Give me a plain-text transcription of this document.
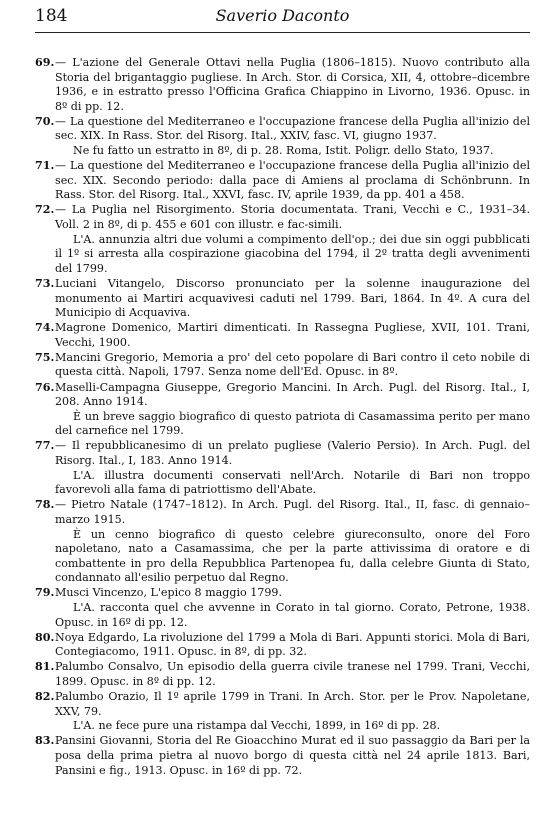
184	Saverio Daconto
69. — L'azione del Generale Ottavi nella Puglia (1806–1815). Nuovo contributo alla Storia del brigantaggio pugliese. In Arch. Stor. di Corsica, XII, 4, ottobre–dicembre 1936, e in estratto presso l'Officina Grafica Chiappino in Livorno, 1936. Opusc. in 8º di pp. 12.
70. — La questione del Mediterraneo e l'occupazione francese della Puglia all'inizio del sec. XIX. In Rass. Stor. del Risorg. Ital., XXIV, fasc. VI, giugno 1937.
Ne fu fatto un estratto in 8º, di p. 28. Roma, Istit. Poligr. dello Stato, 1937.
71. — La questione del Mediterraneo e l'occupazione francese della Puglia all'inizio del sec. XIX. Secondo periodo: dalla pace di Amiens al proclama di Schönbrunn. In Rass. Stor. del Risorg. Ital., XXVI, fasc. IV, aprile 1939, da pp. 401 a 458.
72. — La Puglia nel Risorgimento. Storia documentata. Trani, Vecchi e C., 1931–34. Voll. 2 in 8º, di p. 455 e 601 con illustr. e fac-simili.
L'A. annunzia altri due volumi a compimento dell'op.; dei due sin oggi pubblicati il 1º si arresta alla cospirazione giacobina del 1794, il 2º tratta degli avvenimenti del 1799.
73. Luciani Vitangelo, Discorso pronunciato per la solenne inaugurazione del monumento ai Martiri acquavivesi caduti nel 1799. Bari, 1864. In 4º. A cura del Municipio di Acquaviva.
74. Magrone Domenico, Martiri dimenticati. In Rassegna Pugliese, XVII, 101. Trani, Vecchi, 1900.
75. Mancini Gregorio, Memoria a pro' del ceto popolare di Bari contro il ceto nobile di questa città. Napoli, 1797. Senza nome dell'Ed. Opusc. in 8º.
76. Maselli-Campagna Giuseppe, Gregorio Mancini. In Arch. Pugl. del Risorg. Ital., I, 208. Anno 1914.
È un breve saggio biografico di questo patriota di Casamassima perito per mano del carnefice nel 1799.
77. — Il repubblicanesimo di un prelato pugliese (Valerio Persio). In Arch. Pugl. del Risorg. Ital., I, 183. Anno 1914.
L'A. illustra documenti conservati nell'Arch. Notarile di Bari non troppo favorevoli alla fama di patriottismo dell'Abate.
78. — Pietro Natale (1747–1812). In Arch. Pugl. del Risorg. Ital., II, fasc. di gennaio–marzo 1915.
È un cenno biografico di questo celebre giureconsulto, onore del Foro napoletano, nato a Casamassima, che per la parte attivissima di oratore e di combattente in pro della Repubblica Partenopea fu, dalla celebre Giunta di Stato, condannato all'esilio perpetuo dal Regno.
79. Musci Vincenzo, L'epico 8 maggio 1799.
L'A. racconta quel che avvenne in Corato in tal giorno. Corato, Petrone, 1938. Opusc. in 16º di pp. 12.
80. Noya Edgardo, La rivoluzione del 1799 a Mola di Bari. Appunti storici. Mola di Bari, Contegiacomo, 1911. Opusc. in 8º, di pp. 32.
81. Palumbo Consalvo, Un episodio della guerra civile tranese nel 1799. Trani, Vecchi, 1899. Opusc. in 8º di pp. 12.
82. Palumbo Orazio, Il 1º aprile 1799 in Trani. In Arch. Stor. per le Prov. Napoletane, XXV, 79.
L'A. ne fece pure una ristampa dal Vecchi, 1899, in 16º di pp. 28.
83. Pansini Giovanni, Storia del Re Gioacchino Murat ed il suo passaggio da Bari per la posa della prima pietra al nuovo borgo di questa città nel 24 aprile 1813. Bari, Pansini e fig., 1913. Opusc. in 16º di pp. 72.
